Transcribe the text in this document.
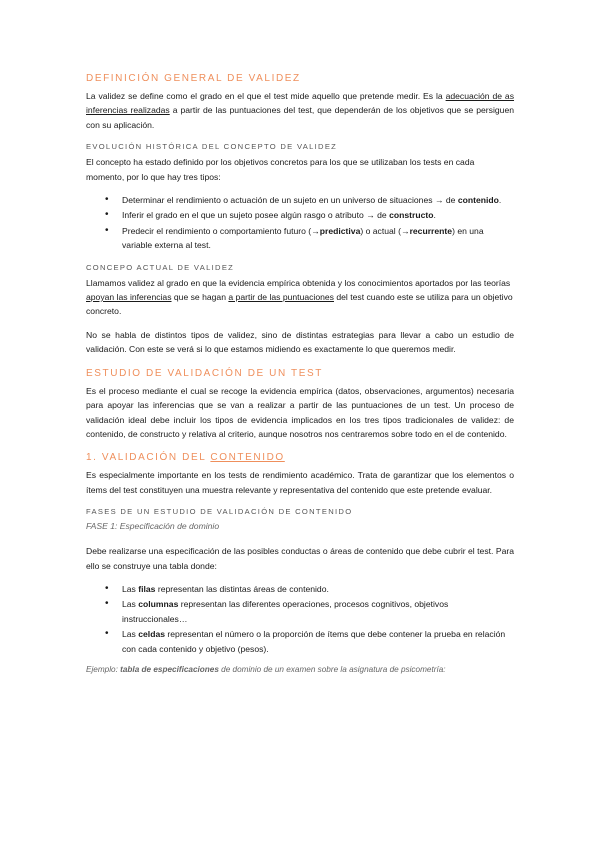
DEFINICIÓN GENERAL DE VALIDEZ

La validez se define como el grado en el que el test mide aquello que pretende medir. Es la adecuación de as inferencias realizadas a partir de las puntuaciones del test, que dependerán de los objetivos que se persiguen con su aplicación.

EVOLUCIÓN HISTÓRICA DEL CONCEPTO DE VALIDEZ

El concepto ha estado definido por los objetivos concretos para los que se utilizaban los tests en cada momento, por lo que hay tres tipos:

• Determinar el rendimiento o actuación de un sujeto en un universo de situaciones → de contenido.
• Inferir el grado en el que un sujeto posee algún rasgo o atributo → de constructo.
• Predecir el rendimiento o comportamiento futuro (→predictiva) o actual (→recurrente) en una variable externa al test.
CONCEPO ACTUAL DE VALIDEZ

Llamamos validez al grado en que la evidencia empírica obtenida y los conocimientos aportados por las teorías apoyan las inferencias que se hagan a partir de las puntuaciones del test cuando este se utiliza para un objetivo concreto.

No se habla de distintos tipos de validez, sino de distintas estrategias para llevar a cabo un estudio de validación. Con este se verá si lo que estamos midiendo es exactamente lo que queremos medir.

ESTUDIO DE VALIDACIÓN DE UN TEST

Es el proceso mediante el cual se recoge la evidencia empírica (datos, observaciones, argumentos) necesaria para apoyar las inferencias que se van a realizar a partir de las puntuaciones de un test. Un proceso de validación ideal debe incluir los tipos de evidencia implicados en los tres tipos tradicionales de validez: de contenido, de constructo y relativa al criterio, aunque nosotros nos centraremos sobre todo en el de contenido.

1. VALIDACIÓN DEL CONTENIDO

Es especialmente importante en los tests de rendimiento académico. Trata de garantizar que los elementos o ítems del test constituyen una muestra relevante y representativa del contenido que este pretende evaluar.

FASES DE UN ESTUDIO DE VALIDACIÓN DE CONTENIDO
FASE 1: Especificación de dominio

Debe realizarse una especificación de las posibles conductas o áreas de contenido que debe cubrir el test. Para ello se construye una tabla donde:

• Las filas representan las distintas áreas de contenido.
• Las columnas representan las diferentes operaciones, procesos cognitivos, objetivos instruccionales…
• Las celdas representan el número o la proporción de ítems que debe contener la prueba en relación con cada contenido y objetivo (pesos).
Ejemplo: tabla de especificaciones de dominio de un examen sobre la asignatura de psicometría:
